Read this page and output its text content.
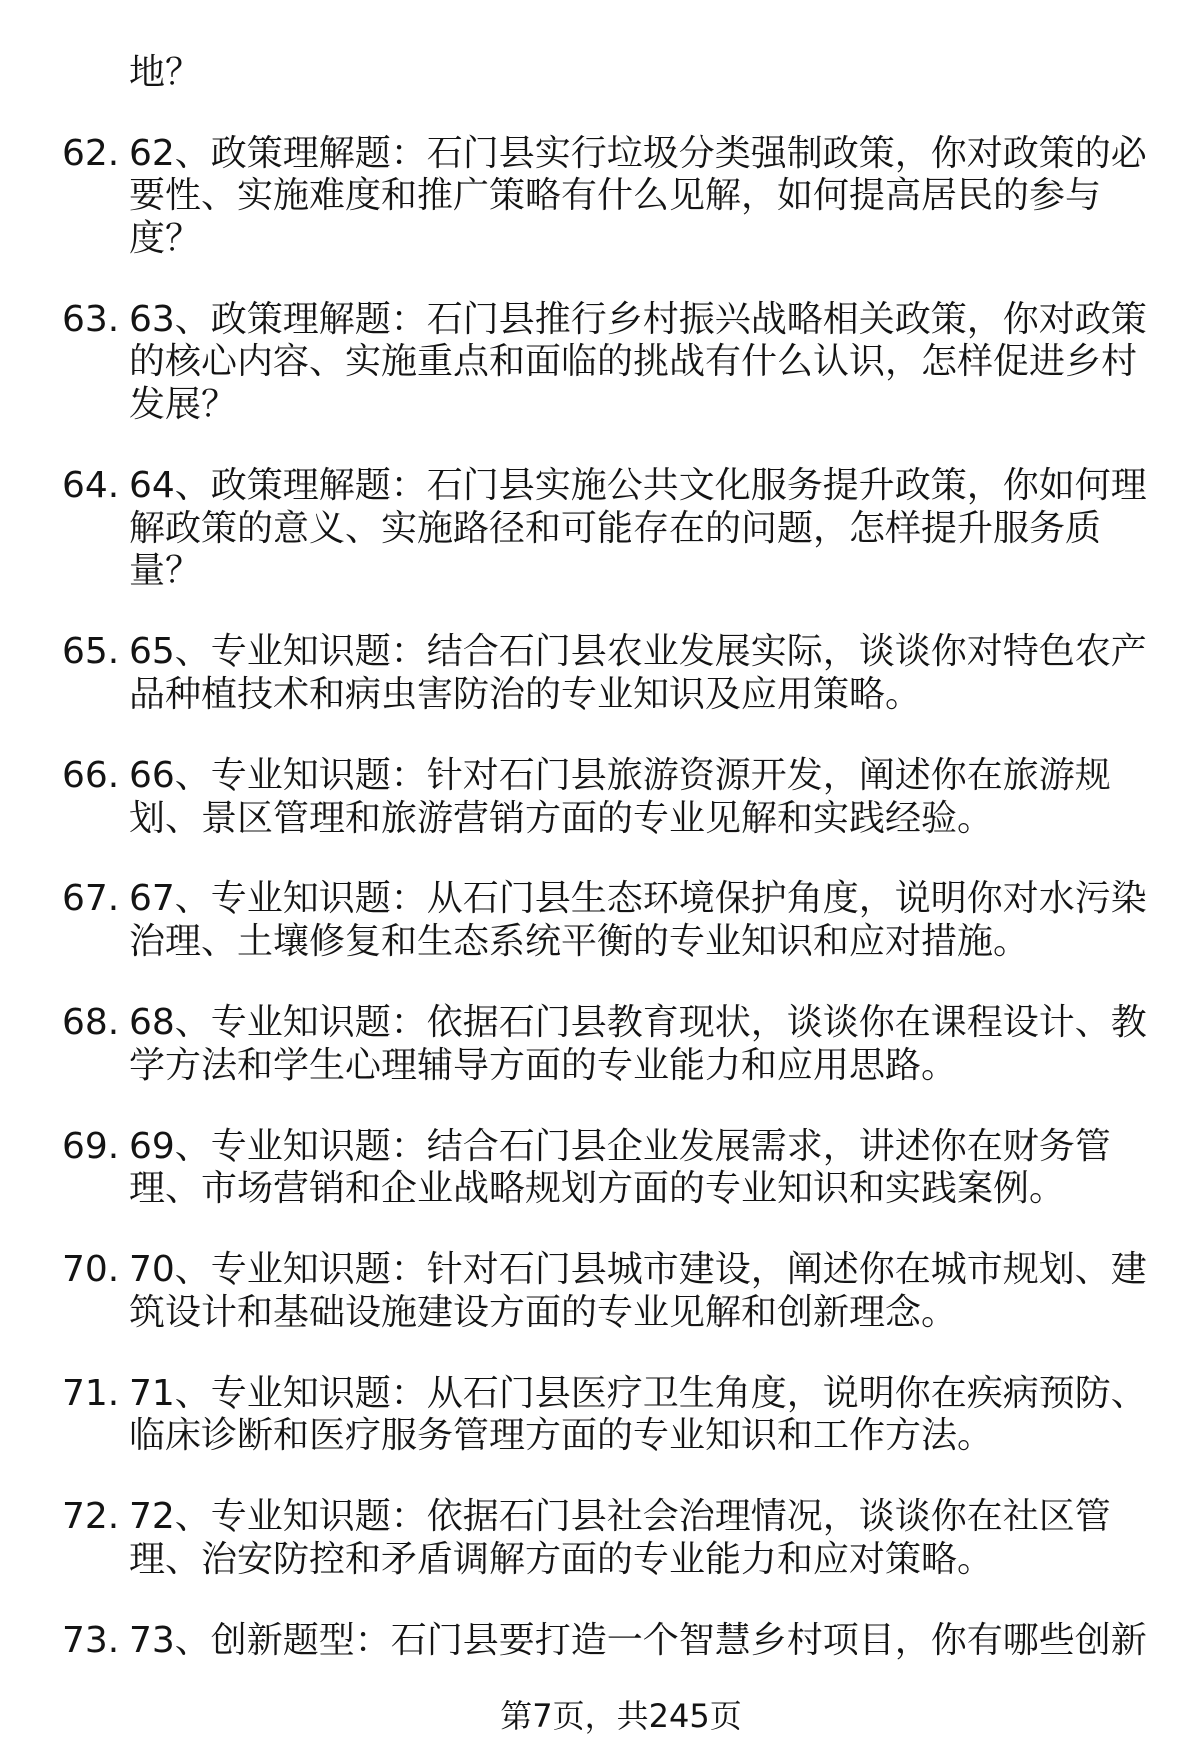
地？
62. 62、政策理解题：石门县实行垃圾分类强制政策，你对政策的必
要性、实施难度和推广策略有什么见解，如何提高居民的参与
度？
63. 63、政策理解题：石门县推行乡村振兴战略相关政策，你对政策
的核心内容、实施重点和面临的挑战有什么认识，怎样促进乡村
发展？
64. 64、政策理解题：石门县实施公共文化服务提升政策，你如何理
解政策的意义、实施路径和可能存在的问题，怎样提升服务质
量？
65. 65、专业知识题：结合石门县农业发展实际，谈谈你对特色农产
品种植技术和病虫害防治的专业知识及应用策略。
66. 66、专业知识题：针对石门县旅游资源开发，阐述你在旅游规
划、景区管理和旅游营销方面的专业见解和实践经验。
67. 67、专业知识题：从石门县生态环境保护角度，说明你对水污染
治理、土壤修复和生态系统平衡的专业知识和应对措施。
68. 68、专业知识题：依据石门县教育现状，谈谈你在课程设计、教
学方法和学生心理辅导方面的专业能力和应用思路。
69. 69、专业知识题：结合石门县企业发展需求，讲述你在财务管
理、市场营销和企业战略规划方面的专业知识和实践案例。
70. 70、专业知识题：针对石门县城市建设，阐述你在城市规划、建
筑设计和基础设施建设方面的专业见解和创新理念。
71. 71、专业知识题：从石门县医疗卫生角度，说明你在疾病预防、
临床诊断和医疗服务管理方面的专业知识和工作方法。
72. 72、专业知识题：依据石门县社会治理情况，谈谈你在社区管
理、治安防控和矛盾调解方面的专业能力和应对策略。
73. 73、创新题型：石门县要打造一个智慧乡村项目，你有哪些创新
第7页，共245页
